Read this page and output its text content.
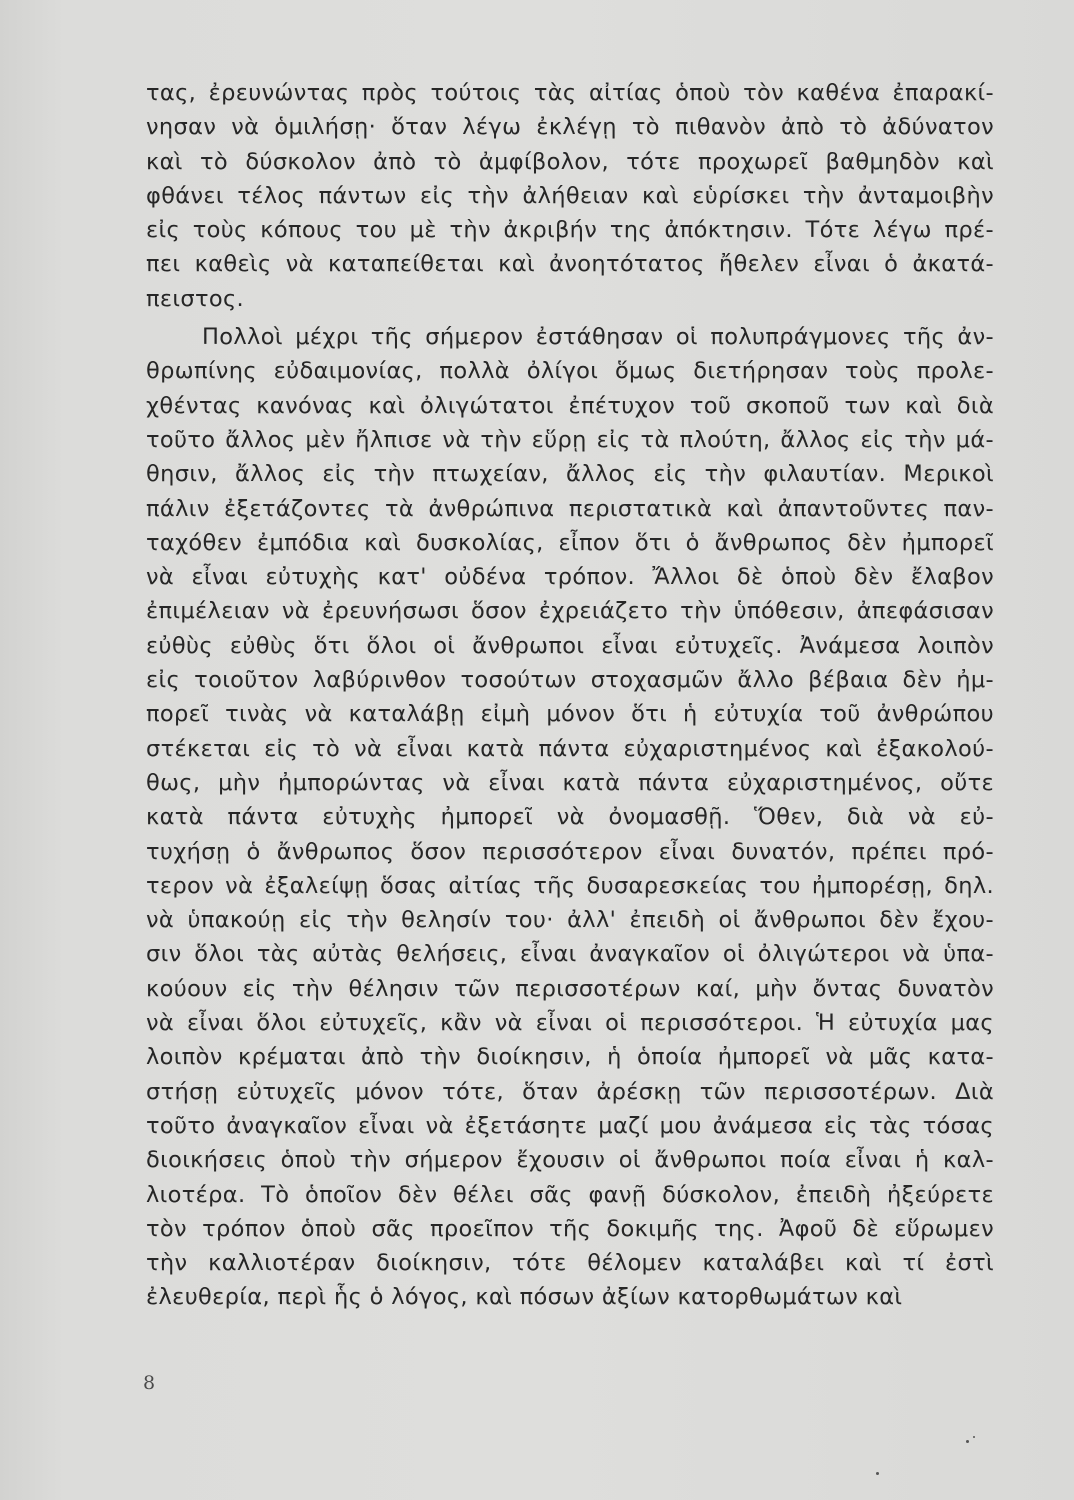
τας, ἐρευνώντας πρὸς τούτοις τὰς αἰτίας ὁποὺ τὸν καθένα ἐπαρακί-
νησαν νὰ ὁμιλήσῃ· ὅταν λέγω ἐκλέγῃ τὸ πιθανὸν ἀπὸ τὸ ἀδύνατον
καὶ τὸ δύσκολον ἀπὸ τὸ ἀμφίβολον, τότε προχωρεῖ βαθμηδὸν καὶ
φθάνει τέλος πάντων εἰς τὴν ἀλήθειαν καὶ εὑρίσκει τὴν ἀνταμοιβὴν
εἰς τοὺς κόπους του μὲ τὴν ἀκριβήν της ἀπόκτησιν. Τότε λέγω πρέ-
πει καθεὶς νὰ καταπείθεται καὶ ἀνοητότατος ἤθελεν εἶναι ὁ ἀκατά-
πειστος.
Πολλοὶ μέχρι τῆς σήμερον ἐστάθησαν οἱ πολυπράγμονες τῆς ἀν-
θρωπίνης εὐδαιμονίας, πολλὰ ὀλίγοι ὅμως διετήρησαν τοὺς προλε-
χθέντας κανόνας καὶ ὀλιγώτατοι ἐπέτυχον τοῦ σκοποῦ των καὶ διὰ
τοῦτο ἄλλος μὲν ἤλπισε νὰ τὴν εὕρῃ εἰς τὰ πλούτη, ἄλλος εἰς τὴν μά-
θησιν, ἄλλος εἰς τὴν πτωχείαν, ἄλλος εἰς τὴν φιλαυτίαν. Μερικοὶ
πάλιν ἐξετάζοντες τὰ ἀνθρώπινα περιστατικὰ καὶ ἀπαντοῦντες παν-
ταχόθεν ἐμπόδια καὶ δυσκολίας, εἶπον ὅτι ὁ ἄνθρωπος δὲν ἠμπορεῖ
νὰ εἶναι εὐτυχὴς κατ' οὐδένα τρόπον. Ἄλλοι δὲ ὁποὺ δὲν ἔλαβον
ἐπιμέλειαν νὰ ἐρευνήσωσι ὅσον ἐχρειάζετο τὴν ὑπόθεσιν, ἀπεφάσισαν
εὐθὺς εὐθὺς ὅτι ὅλοι οἱ ἄνθρωποι εἶναι εὐτυχεῖς. Ἀνάμεσα λοιπὸν
εἰς τοιοῦτον λαβύρινθον τοσούτων στοχασμῶν ἄλλο βέβαια δὲν ἠμ-
πορεῖ τινὰς νὰ καταλάβῃ εἰμὴ μόνον ὅτι ἡ εὐτυχία τοῦ ἀνθρώπου
στέκεται εἰς τὸ νὰ εἶναι κατὰ πάντα εὐχαριστημένος καὶ ἐξακολού-
θως, μὴν ἠμπορώντας νὰ εἶναι κατὰ πάντα εὐχαριστημένος, οὔτε
κατὰ πάντα εὐτυχὴς ἠμπορεῖ νὰ ὀνομασθῇ. Ὅθεν, διὰ νὰ εὐ-
τυχήσῃ ὁ ἄνθρωπος ὅσον περισσότερον εἶναι δυνατόν, πρέπει πρό-
τερον νὰ ἐξαλείψῃ ὅσας αἰτίας τῆς δυσαρεσκείας του ἠμπορέσῃ, δηλ.
νὰ ὑπακούῃ εἰς τὴν θελησίν του· ἀλλ' ἐπειδὴ οἱ ἄνθρωποι δὲν ἔχου-
σιν ὅλοι τὰς αὐτὰς θελήσεις, εἶναι ἀναγκαῖον οἱ ὀλιγώτεροι νὰ ὑπα-
κούουν εἰς τὴν θέλησιν τῶν περισσοτέρων καί, μὴν ὄντας δυνατὸν
νὰ εἶναι ὅλοι εὐτυχεῖς, κἂν νὰ εἶναι οἱ περισσότεροι. Ἡ εὐτυχία μας
λοιπὸν κρέμαται ἀπὸ τὴν διοίκησιν, ἡ ὁποία ἠμπορεῖ νὰ μᾶς κατα-
στήσῃ εὐτυχεῖς μόνον τότε, ὅταν ἀρέσκῃ τῶν περισσοτέρων. Διὰ
τοῦτο ἀναγκαῖον εἶναι νὰ ἐξετάσητε μαζί μου ἀνάμεσα εἰς τὰς τόσας
διοικήσεις ὁποὺ τὴν σήμερον ἔχουσιν οἱ ἄνθρωποι ποία εἶναι ἡ καλ-
λιοτέρα. Τὸ ὁποῖον δὲν θέλει σᾶς φανῇ δύσκολον, ἐπειδὴ ἠξεύρετε
τὸν τρόπον ὁποὺ σᾶς προεῖπον τῆς δοκιμῆς της. Ἀφοῦ δὲ εὕρωμεν
τὴν καλλιοτέραν διοίκησιν, τότε θέλομεν καταλάβει καὶ τί ἐστὶ
ἐλευθερία, περὶ ἧς ὁ λόγος, καὶ πόσων ἀξίων κατορθωμάτων καὶ
8
